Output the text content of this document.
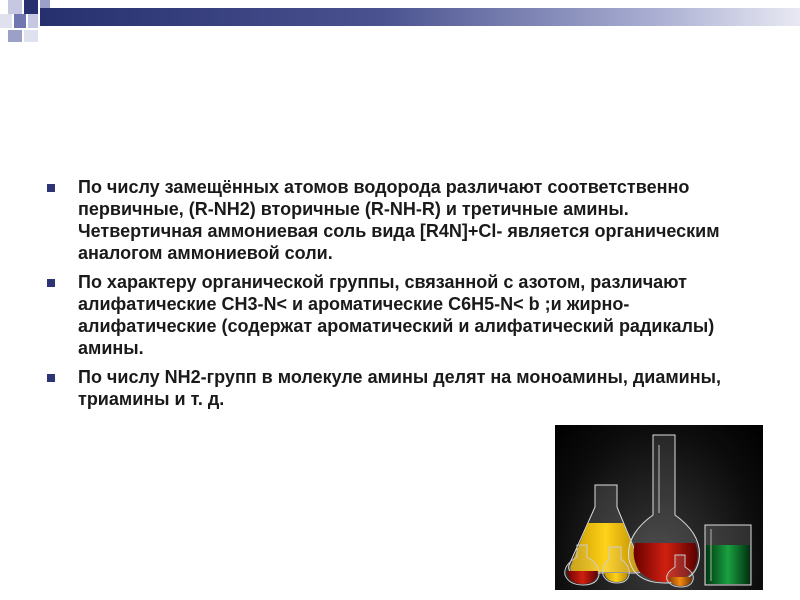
По числу замещённых атомов водорода различают соответственно первичные, (R-NH2) вторичные (R-NH-R) и третичные амины. Четвертичная аммониевая соль вида [R4N]+Cl- является органическим аналогом аммониевой соли.
По характеру органической группы, связанной с азотом, различают алифатические CH3-N< и ароматические C6H5-N< b ;и жирно-алифатические (содержат ароматический и алифатический радикалы) амины.
По числу NH2-групп в молекуле амины делят на моноамины, диамины, триамины и т. д.
